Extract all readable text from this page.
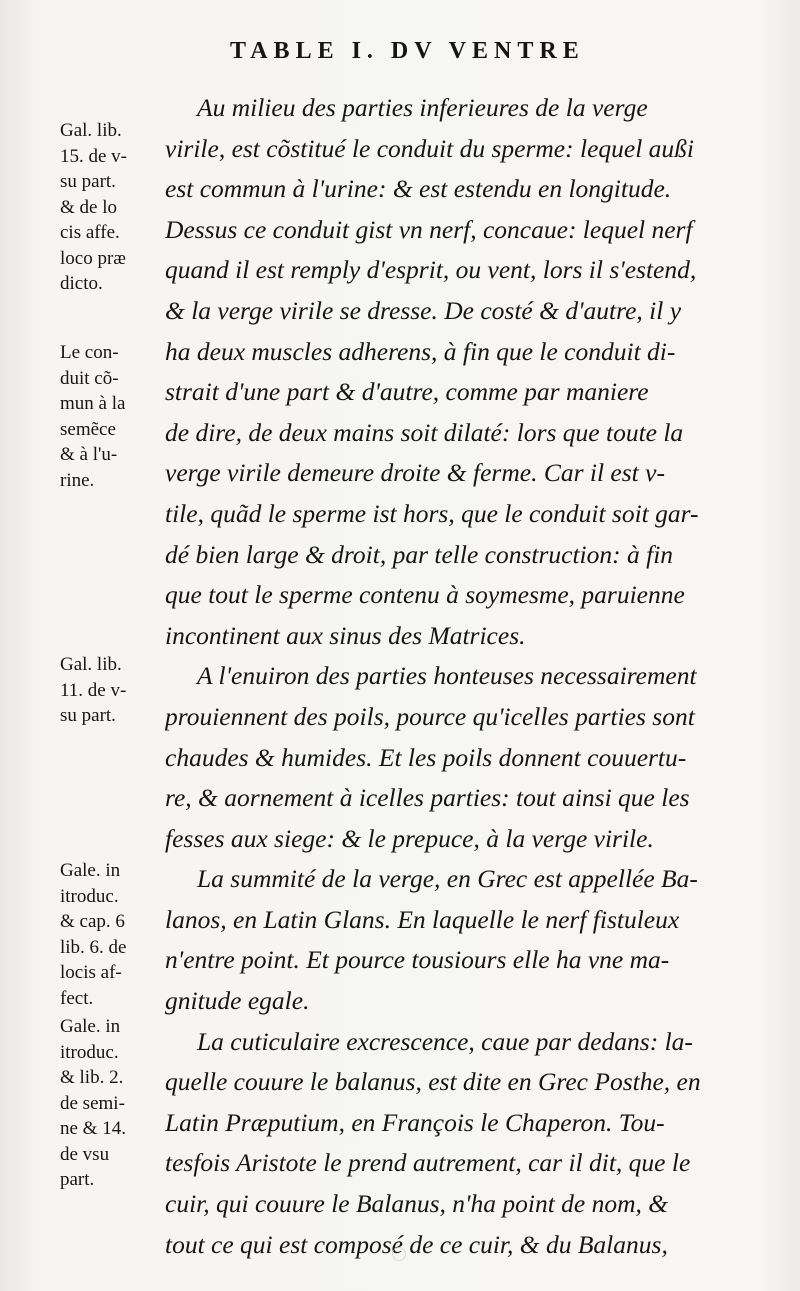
TABLE I. DV VENTRE
Au milieu des parties inferieures de la verge
virile, est cõstitué le conduit du sperme: lequel außi
est commun à l'urine: & est estendu en longitude.
Dessus ce conduit gist vn nerf, concaue: lequel nerf
quand il est remply d'esprit, ou vent, lors il s'estend,
& la verge virile se dresse. De costé & d'autre, il y
ha deux muscles adherens, à fin que le conduit di-
strait d'une part & d'autre, comme par maniere
de dire, de deux mains soit dilaté: lors que toute la
verge virile demeure droite & ferme. Car il est v-
tile, quãd le sperme ist hors, que le conduit soit gar-
dé bien large & droit, par telle construction: à fin
que tout le sperme contenu à soymesme, paruienne
incontinent aux sinus des Matrices.
A l'enuiron des parties honteuses necessairement
prouiennent des poils, pource qu'icelles parties sont
chaudes & humides. Et les poils donnent couuertu-
re, & aornement à icelles parties: tout ainsi que les
fesses aux siege: & le prepuce, à la verge virile.
La summité de la verge, en Grec est appellée Ba-
lanos, en Latin Glans. En laquelle le nerf fistuleux
n'entre point. Et pource tousiours elle ha vne ma-
gnitude egale.
La cuticulaire excrescence, caue par dedans: la-
quelle couure le balanus, est dite en Grec Posthe, en
Latin Præputium, en François le Chaperon. Tou-
tesfois Aristote le prend autrement, car il dit, que le
cuir, qui couure le Balanus, n'ha point de nom, &
tout ce qui est composé de ce cuir, & du Balanus,
Gal. lib.
15. de v-
su part.
& de lo
cis affe.
loco præ
dicto.
Le con-
duit cõ-
mun à la
semẽce
& à l'u-
rine.
Gal. lib.
11. de v-
su part.
Gale. in
itroduc.
& cap. 6
lib. 6. de
locis af-
fect.
Gale. in
itroduc.
& lib. 2.
de semi-
ne & 14.
de vsu
part.
